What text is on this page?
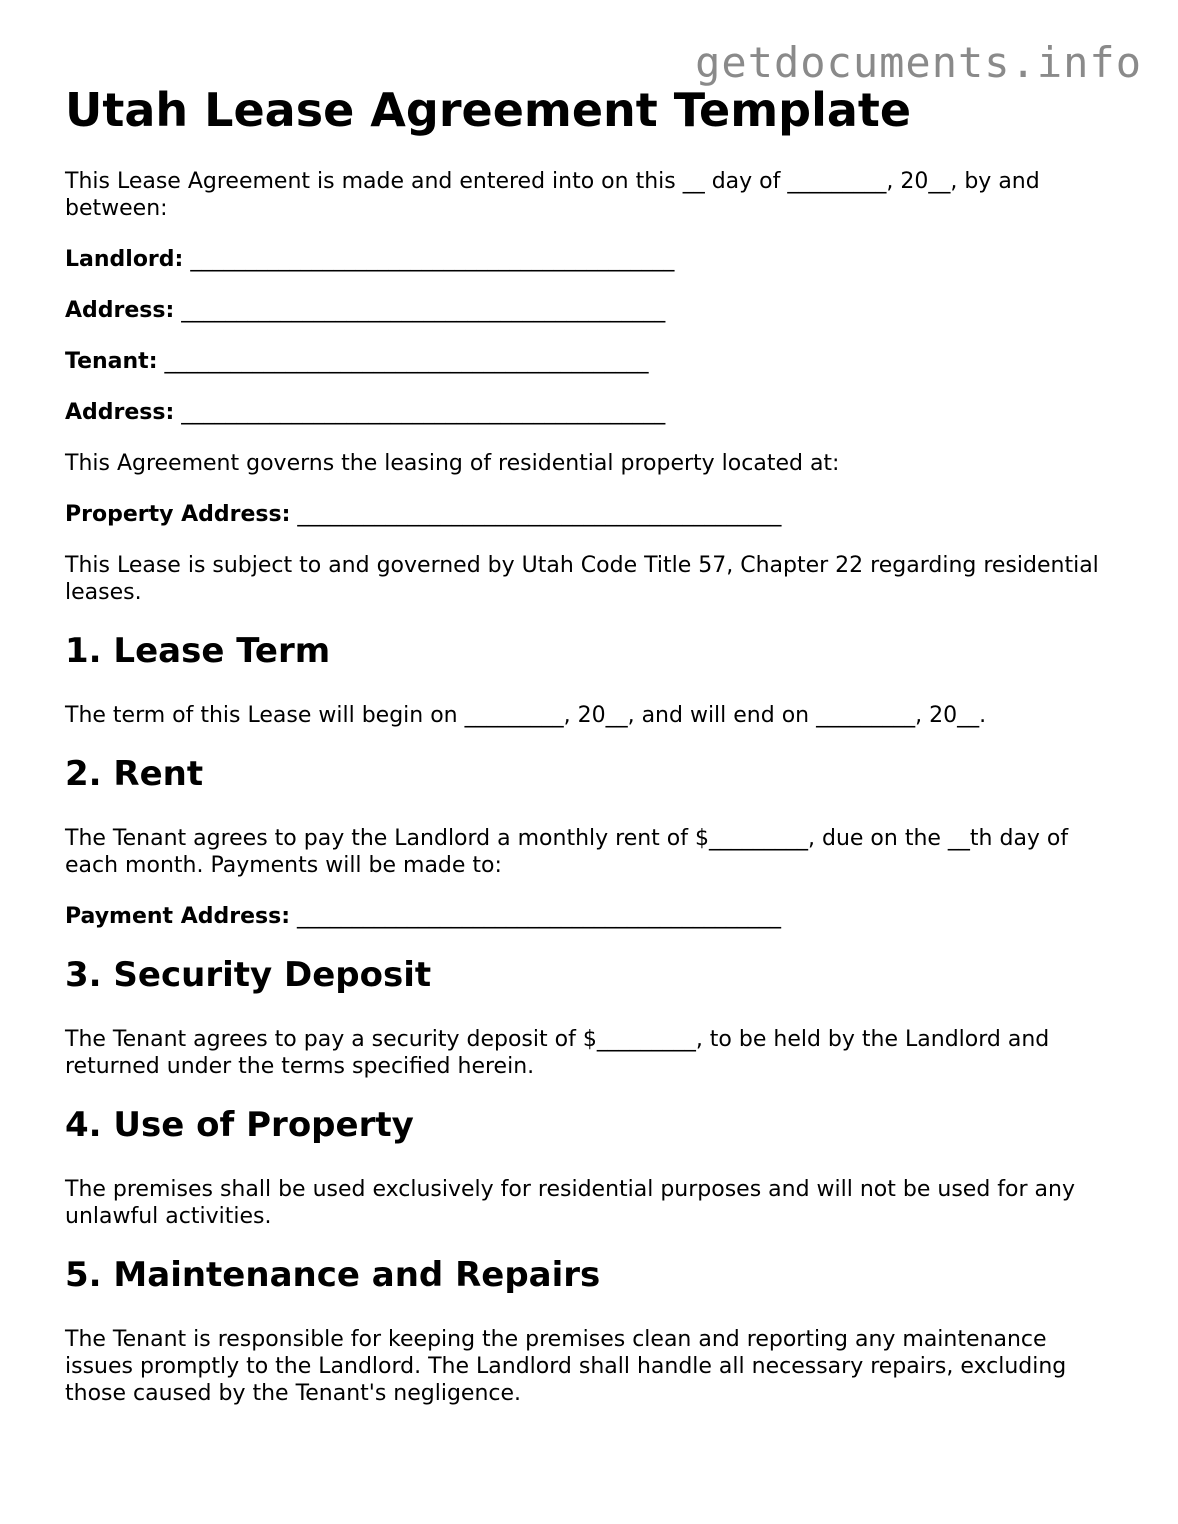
getdocuments.info
Utah Lease Agreement Template

This Lease Agreement is made and entered into on this __ day of _________, 20__, by and between:

Landlord: ____________________________________________
Address: ____________________________________________
Tenant: ____________________________________________
Address: ____________________________________________

This Agreement governs the leasing of residential property located at:

Property Address: ____________________________________________

This Lease is subject to and governed by Utah Code Title 57, Chapter 22 regarding residential leases.

1. Lease Term

The term of this Lease will begin on _________, 20__, and will end on _________, 20__.

2. Rent

The Tenant agrees to pay the Landlord a monthly rent of $_________, due on the __th day of each month. Payments will be made to:

Payment Address: ____________________________________________
3. Security Deposit

The Tenant agrees to pay a security deposit of $_________, to be held by the Landlord and returned under the terms specified herein.

4. Use of Property

The premises shall be used exclusively for residential purposes and will not be used for any unlawful activities.

5. Maintenance and Repairs

The Tenant is responsible for keeping the premises clean and reporting any maintenance issues promptly to the Landlord. The Landlord shall handle all necessary repairs, excluding those caused by the Tenant's negligence.
